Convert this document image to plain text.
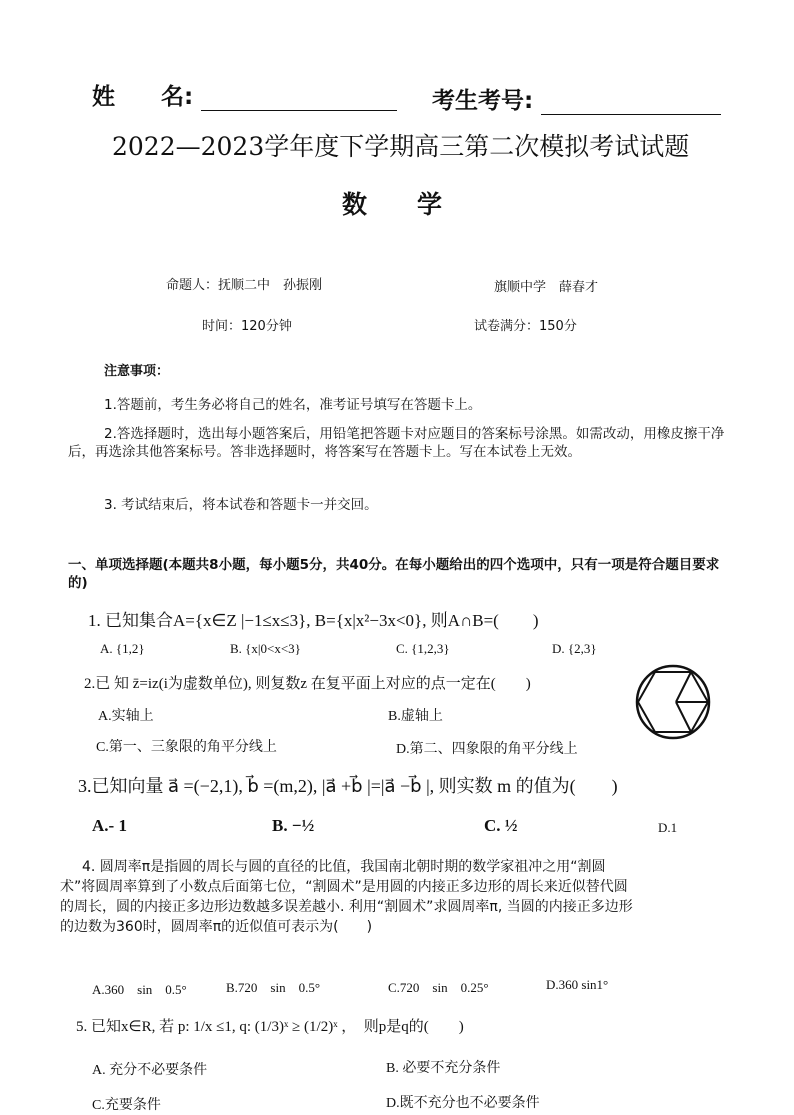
姓　　名:	考生考号:
2022—2023学年度下学期高三第二次模拟考试试题
数　　学
命题人：抚顺二中　孙振刚	旗顺中学　薛春才
时间：120分钟	试卷满分：150分
注意事项：
1.答题前，考生务必将自己的姓名，准考证号填写在答题卡上。
2.答选择题时，选出每小题答案后，用铅笔把答题卡对应题目的答案标号涂黑。如需改动，用橡皮擦干净后，再选涂其他答案标号。答非选择题时，将答案写在答题卡上。写在本试卷上无效。
3. 考试结束后，将本试卷和答题卡一并交回。
一、单项选择题(本题共8小题，每小题5分，共40分。在每小题给出的四个选项中，只有一项是符合题目要求的)
1. 已知集合A={x∈Z |−1≤x≤3}, B={x|x²−3x<0}, 则A∩B=(　　)
A. {1,2}	B. {x|0<x<3}	C. {1,2,3}	D. {2,3}
2.已 知 z̄=iz(i为虚数单位), 则复数z 在复平面上对应的点一定在(　　)
A.实轴上	B.虚轴上
C.第一、三象限的角平分线上	D.第二、四象限的角平分线上
3.已知向量 a⃗ =(−2,1), b⃗ =(m,2), |a⃗ +b⃗ |=|a⃗ −b⃗ |, 则实数 m 的值为(　　)
A.- 1	B. −½	C. ½	D.1
4. 圆周率π是指圆的周长与圆的直径的比值，我国南北朝时期的数学家祖冲之用“割圆术”将圆周率算到了小数点后面第七位，“割圆术”是用圆的内接正多边形的周长来近似替代圆的周长，圆的内接正多边形边数越多误差越小. 利用“割圆术”求圆周率π, 当圆的内接正多边形的边数为360时，圆周率π的近似值可表示为(　　)
A.360　sin　0.5°	B.720　sin　0.5°	C.720　sin　0.25°	D.360 sin1°
5. 已知x∈R, 若 p: 1/x ≤1, q: (1/3)ˣ ≥ (1/2)ˣ ，　则p是q的(　　)
A. 充分不必要条件	B. 必要不充分条件
C.充要条件	D.既不充分也不必要条件
